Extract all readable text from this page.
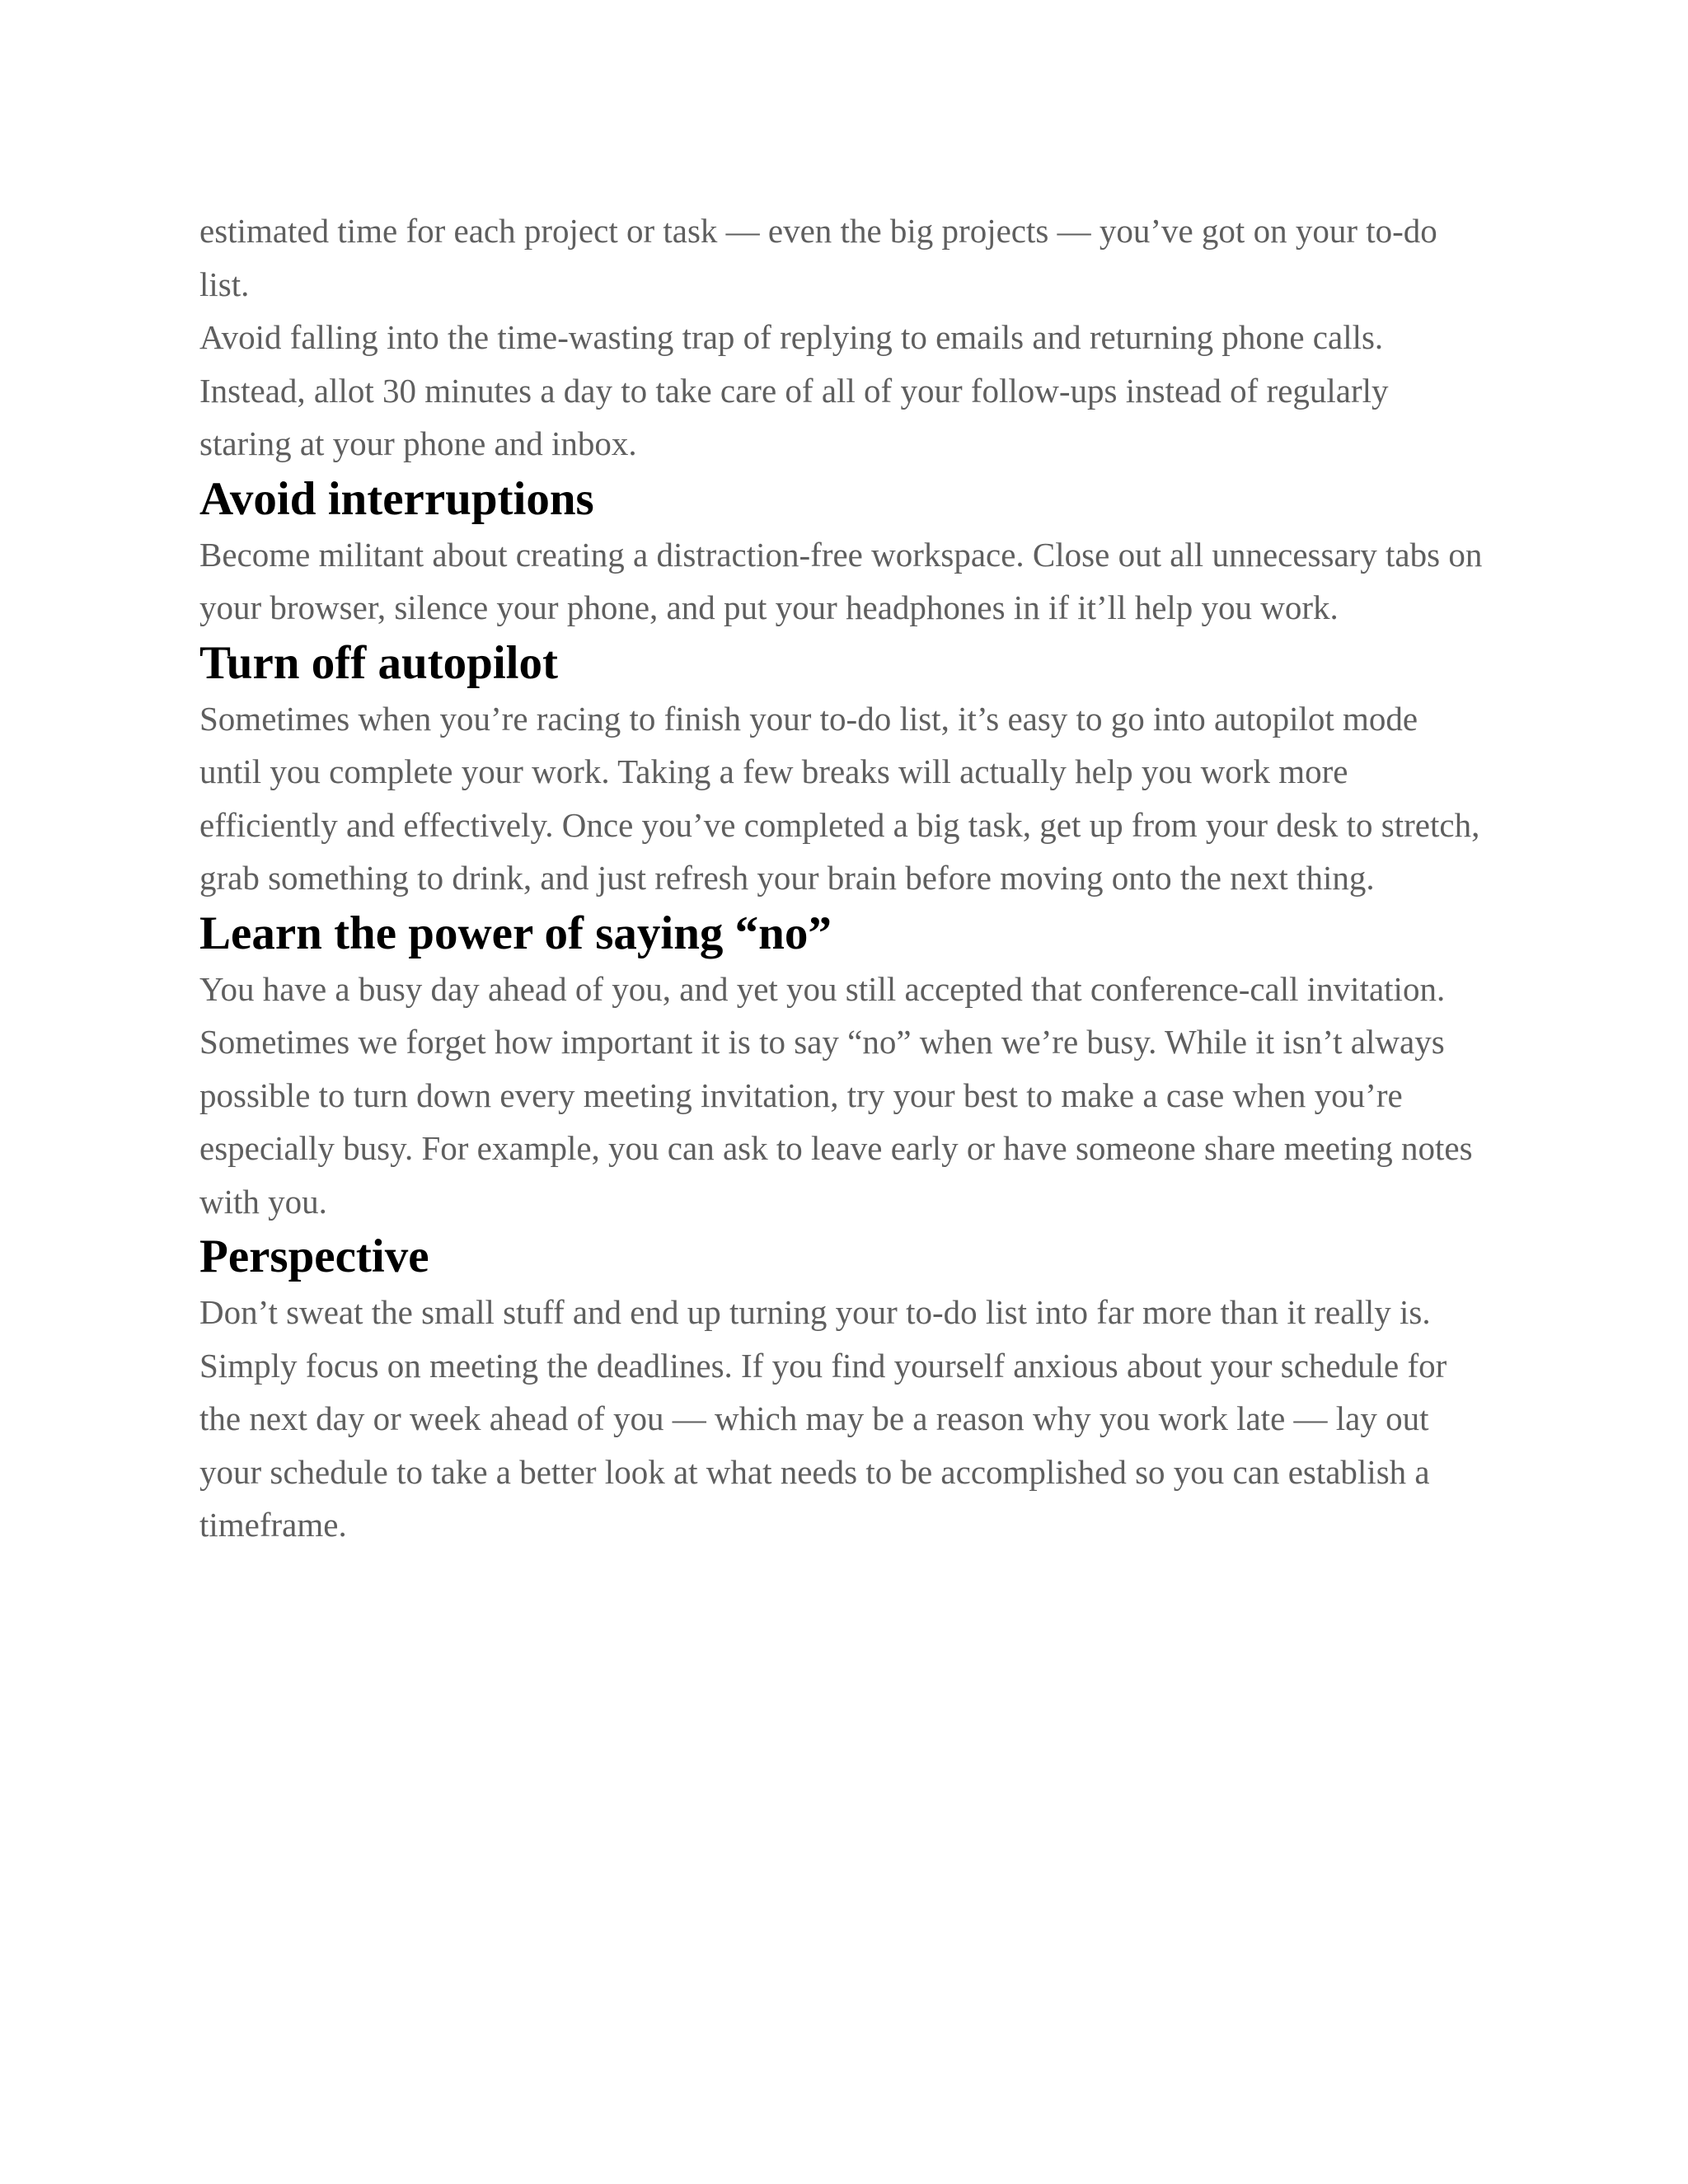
estimated time for each project or task — even the big projects — you’ve got on your to-do list.

Avoid falling into the time-wasting trap of replying to emails and returning phone calls. Instead, allot 30 minutes a day to take care of all of your follow-ups instead of regularly staring at your phone and inbox.

Avoid interruptions

Become militant about creating a distraction-free workspace. Close out all unnecessary tabs on your browser, silence your phone, and put your headphones in if it’ll help you work.

Turn off autopilot

Sometimes when you’re racing to finish your to-do list, it’s easy to go into autopilot mode until you complete your work. Taking a few breaks will actually help you work more efficiently and effectively. Once you’ve completed a big task, get up from your desk to stretch, grab something to drink, and just refresh your brain before moving onto the next thing.

Learn the power of saying “no”

You have a busy day ahead of you, and yet you still accepted that conference-call invitation. Sometimes we forget how important it is to say “no” when we’re busy. While it isn’t always possible to turn down every meeting invitation, try your best to make a case when you’re especially busy. For example, you can ask to leave early or have someone share meeting notes with you.

Perspective

Don’t sweat the small stuff and end up turning your to-do list into far more than it really is. Simply focus on meeting the deadlines. If you find yourself anxious about your schedule for the next day or week ahead of you — which may be a reason why you work late — lay out your schedule to take a better look at what needs to be accomplished so you can establish a timeframe.
